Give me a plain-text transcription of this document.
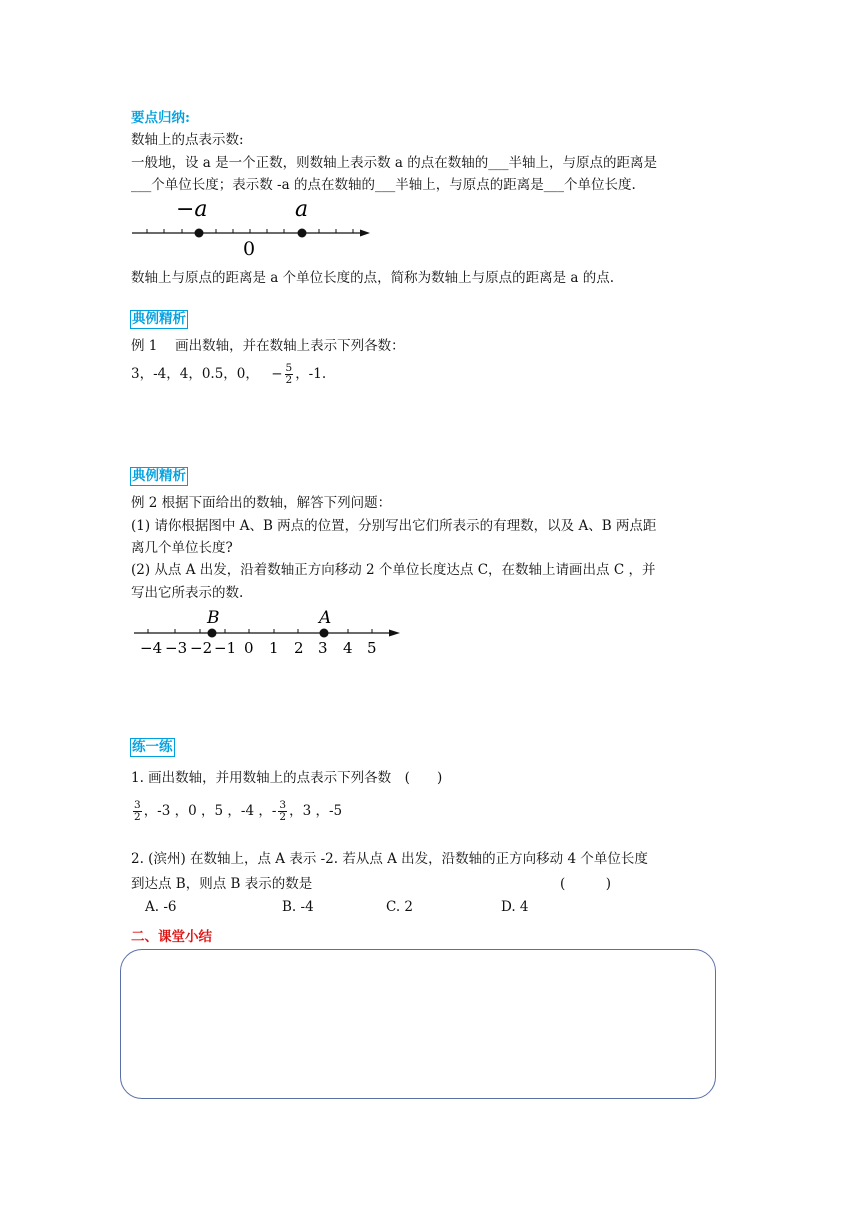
要点归纳:
数轴上的点表示数:
一般地，设 a 是一个正数，则数轴上表示数 a 的点在数轴的___半轴上，与原点的距离是
___个单位长度；表示数 -a 的点在数轴的___半轴上，与原点的距离是___个单位长度.
−a	a
0
数轴上与原点的距离是 a 个单位长度的点，简称为数轴上与原点的距离是 a 的点.
典例精析
例 1　 画出数轴，并在数轴上表示下列各数：
3，-4，4，0.5，0， − $\frac{5}{2}$ ，-1.
典例精析
例 2 根据下面给出的数轴，解答下列问题：
(1) 请你根据图中 A、B 两点的位置，分别写出它们所表示的有理数，以及 A、B 两点距
离几个单位长度?
(2) 从点 A 出发，沿着数轴正方向移动 2 个单位长度达点 C，在数轴上请画出点 C ，并
写出它所表示的数.
B	A
−4 −3 −2 −1 0 1 2 3 4 5
练一练
1. 画出数轴，并用数轴上的点表示下列各数　(　　)
$\frac{3}{2}$ ，-3 ，0 ，5 ，-4 ，- $\frac{3}{2}$ ，3 ，-5
2. (滨州) 在数轴上，点 A 表示 -2. 若从点 A 出发，沿数轴的正方向移动 4 个单位长度
到达点 B，则点 B 表示的数是	(　　　)
A. -6	B. -4	C. 2	D. 4
二、课堂小结
